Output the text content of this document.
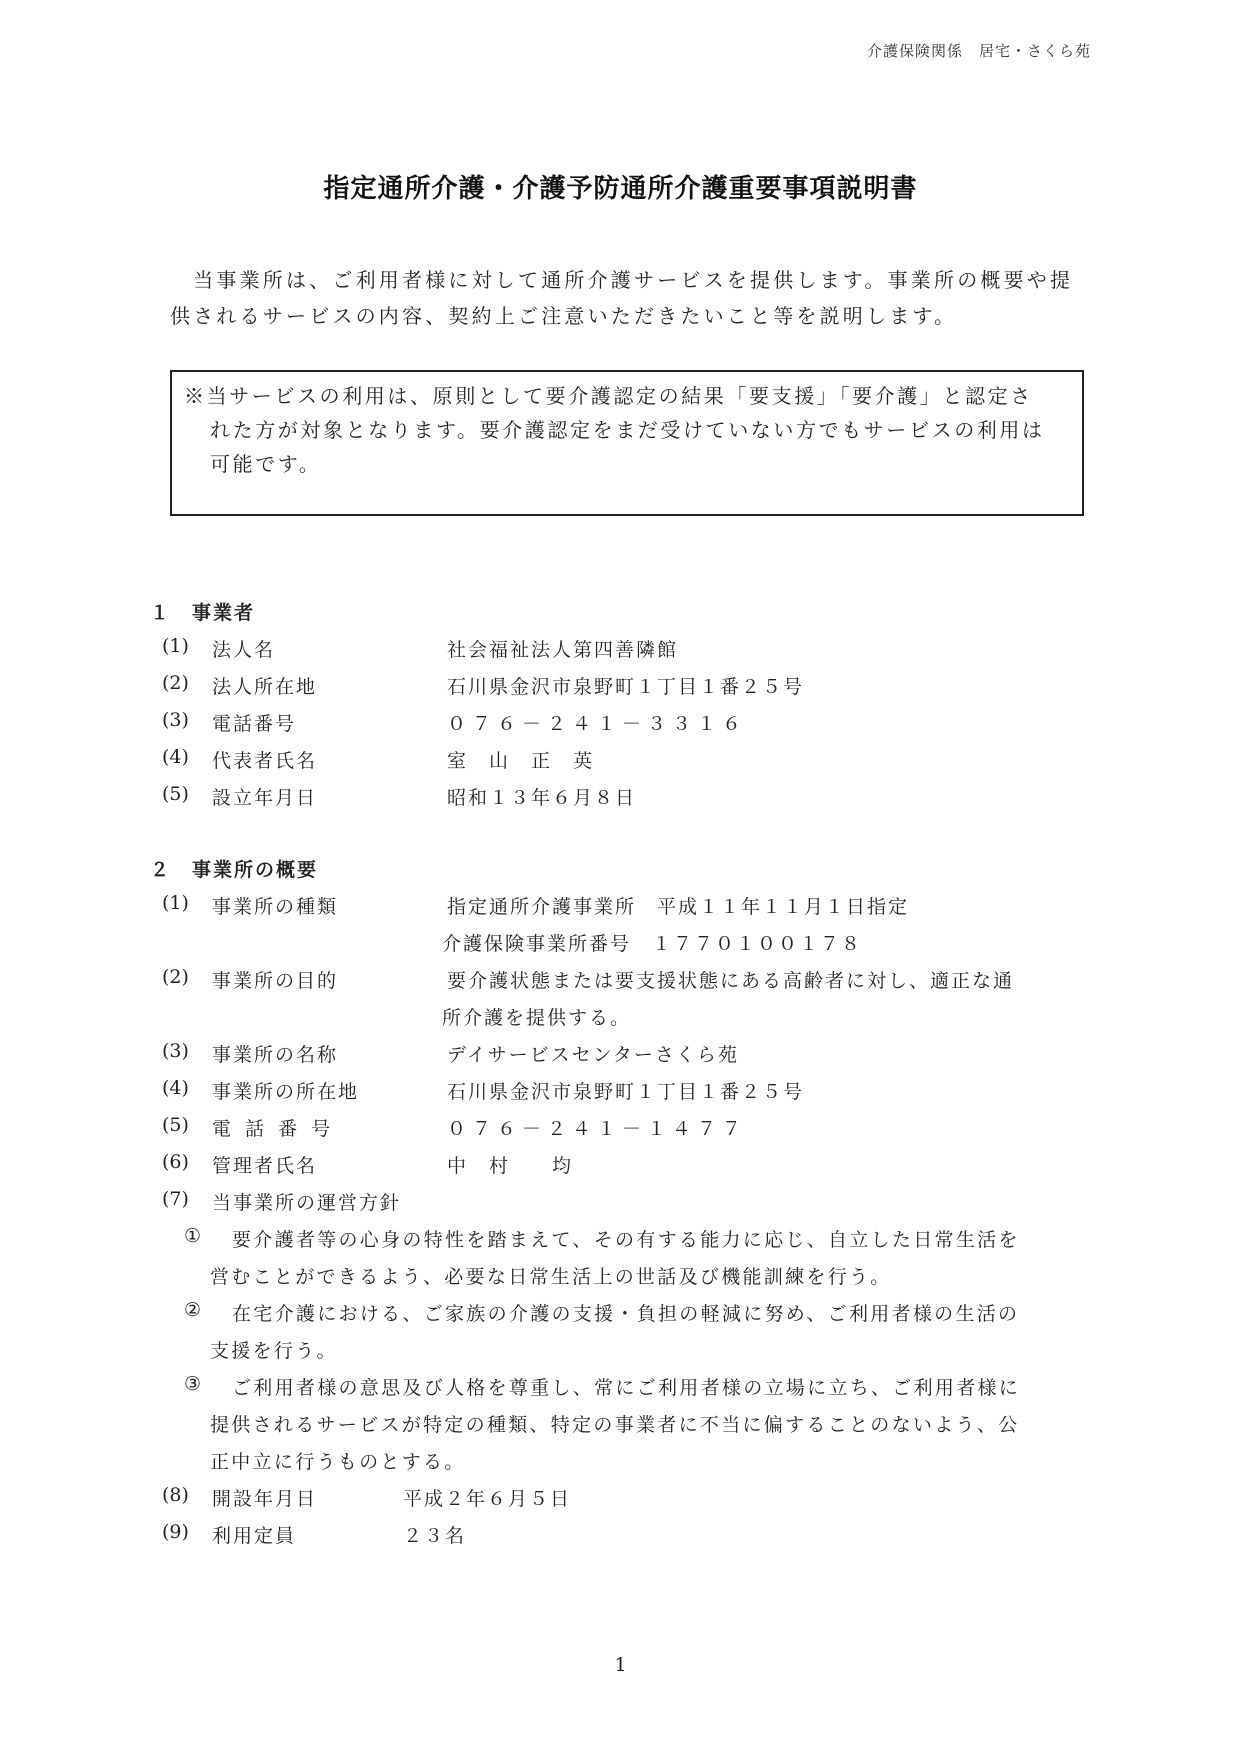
介護保険関係　居宅・さくら苑
指定通所介護・介護予防通所介護重要事項説明書
　当事業所は、ご利用者様に対して通所介護サービスを提供します。事業所の概要や提
供されるサービスの内容、契約上ご注意いただきたいこと等を説明します。
※当サービスの利用は、原則として要介護認定の結果「要支援」「要介護」と認定さ
れた方が対象となります。要介護認定をまだ受けていない方でもサービスの利用は
可能です。
１　事業者
(1) 法人名	社会福祉法人第四善隣館
(2) 法人所在地	石川県金沢市泉野町１丁目１番２５号
(3) 電話番号	０７６－２４１－３３１６
(4) 代表者氏名	室　山　正　英
(5) 設立年月日	昭和１３年６月８日
２　事業所の概要
(1) 事業所の種類	指定通所介護事業所　平成１１年１１月１日指定
介護保険事業所番号　１７７０１００１７８
(2) 事業所の目的	要介護状態または要支援状態にある高齢者に対し、適正な通
所介護を提供する。
(3) 事業所の名称	デイサービスセンターさくら苑
(4) 事業所の所在地	石川県金沢市泉野町１丁目１番２５号
(5) 電 話 番 号	０７６－２４１－１４７７
(6) 管理者氏名	中　村　　均
(7) 当事業所の運営方針
① 要介護者等の心身の特性を踏まえて、その有する能力に応じ、自立した日常生活を
営むことができるよう、必要な日常生活上の世話及び機能訓練を行う。
② 在宅介護における、ご家族の介護の支援・負担の軽減に努め、ご利用者様の生活の
支援を行う。
③ ご利用者様の意思及び人格を尊重し、常にご利用者様の立場に立ち、ご利用者様に
提供されるサービスが特定の種類、特定の事業者に不当に偏することのないよう、公
正中立に行うものとする。
(8) 開設年月日	平成２年６月５日
(9) 利用定員	２３名
1
